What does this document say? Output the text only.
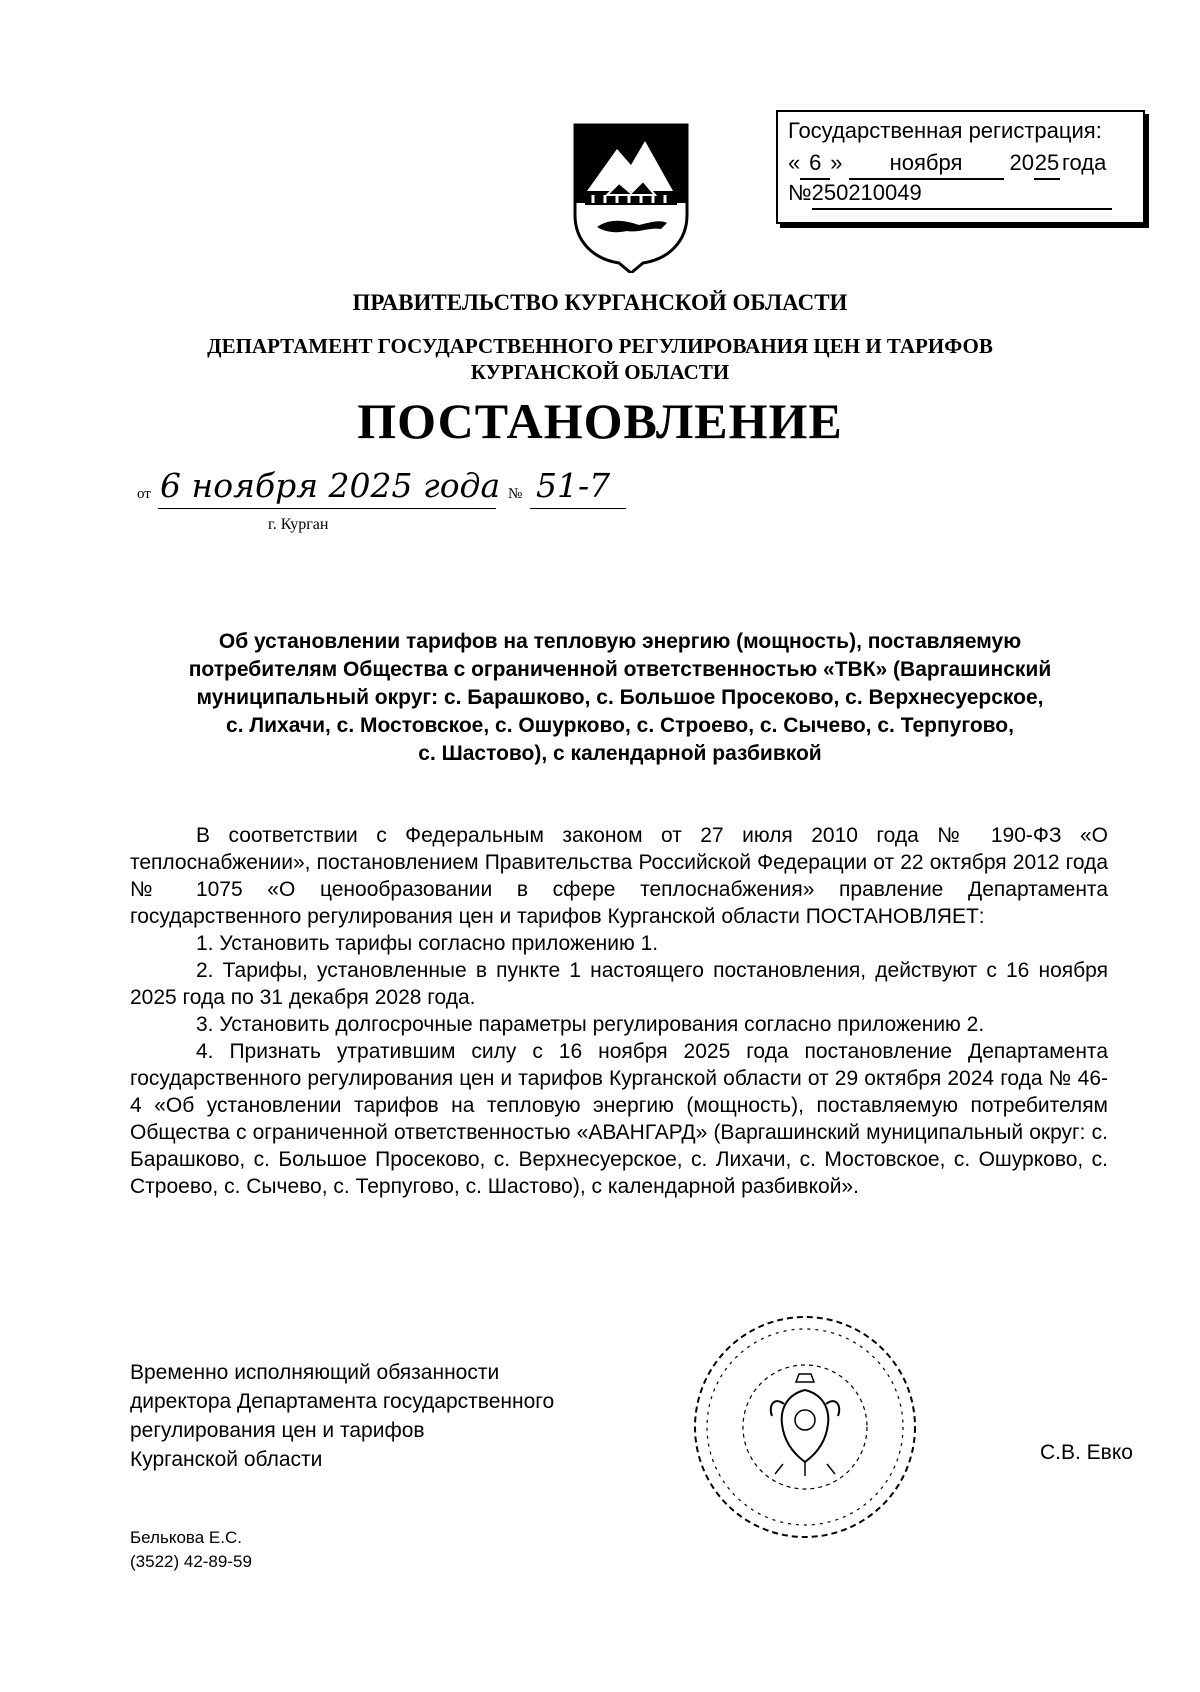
Государственная регистрация:
« 6 » ноября 2025 года
№250210049
ПРАВИТЕЛЬСТВО КУРГАНСКОЙ ОБЛАСТИ
ДЕПАРТАМЕНТ ГОСУДАРСТВЕННОГО РЕГУЛИРОВАНИЯ ЦЕН И ТАРИФОВ
КУРГАНСКОЙ ОБЛАСТИ
ПОСТАНОВЛЕНИЕ
от 6 ноября 2025 года № 51-7
г. Курган
Об установлении тарифов на тепловую энергию (мощность), поставляемую
потребителям Общества с ограниченной ответственностью «ТВК» (Варгашинский
муниципальный округ: с. Барашково, с. Большое Просеково, с. Верхнесуерское,
с. Лихачи, с. Мостовское, с. Ошурково, с. Строево, с. Сычево, с. Терпугово,
с. Шастово), с календарной разбивкой

В соответствии с Федеральным законом от 27 июля 2010 года № 190-ФЗ «О теплоснабжении», постановлением Правительства Российской Федерации от 22 октября 2012 года № 1075 «О ценообразовании в сфере теплоснабжения» правление Департамента государственного регулирования цен и тарифов Курганской области ПОСТАНОВЛЯЕТ:

1. Установить тарифы согласно приложению 1.

2. Тарифы, установленные в пункте 1 настоящего постановления, действуют с 16 ноября 2025 года по 31 декабря 2028 года.

3. Установить долгосрочные параметры регулирования согласно приложению 2.

4. Признать утратившим силу с 16 ноября 2025 года постановление Департамента государственного регулирования цен и тарифов Курганской области от 29 октября 2024 года № 46-4 «Об установлении тарифов на тепловую энергию (мощность), поставляемую потребителям Общества с ограниченной ответственностью «АВАНГАРД» (Варгашинский муниципальный округ: с. Барашково, с. Большое Просеково, с. Верхнесуерское, с. Лихачи, с. Мостовское, с. Ошурково, с. Строево, с. Сычево, с. Терпугово, с. Шастово), с календарной разбивкой».

Временно исполняющий обязанности
директора Департамента государственного
регулирования цен и тарифов
Курганской области	С.В. Евко
Белькова Е.С.
(3522) 42-89-59
